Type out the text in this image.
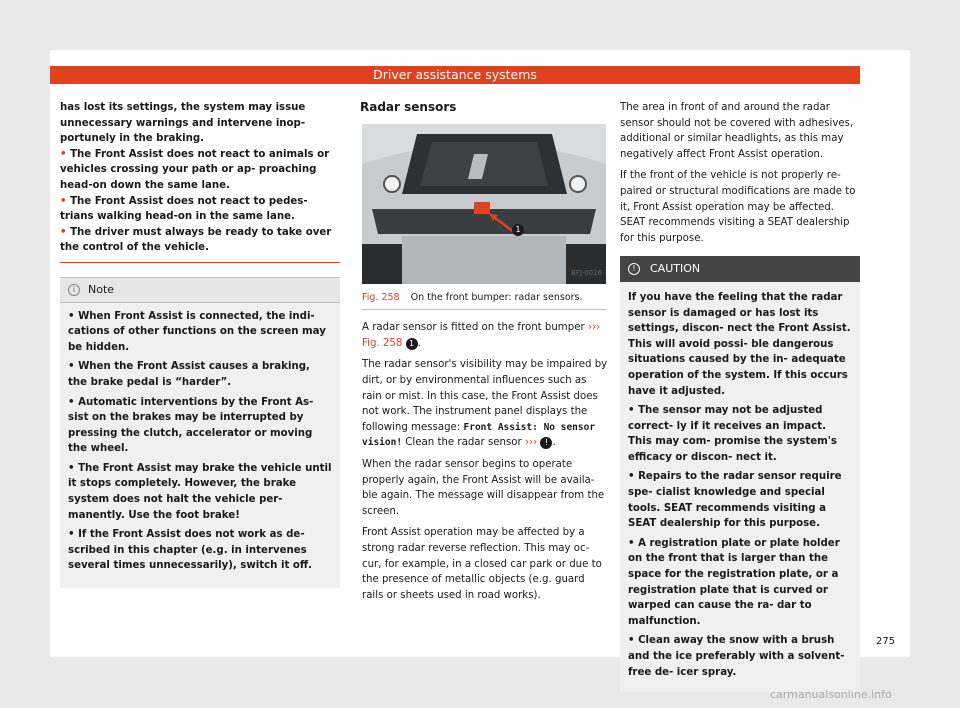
Driver assistance systems

has lost its settings, the system may issue unnecessary warnings and intervene inop- portunely in the braking.

• The Front Assist does not react to animals or vehicles crossing your path or ap- proaching head-on down the same lane.

• The Front Assist does not react to pedes- trians walking head-on in the same lane.

• The driver must always be ready to take over the control of the vehicle.

i	Note

• When Front Assist is connected, the indi- cations of other functions on the screen may be hidden.

• When the Front Assist causes a braking, the brake pedal is “harder”.

• Automatic interventions by the Front As- sist on the brakes may be interrupted by pressing the clutch, accelerator or moving the wheel.

• The Front Assist may brake the vehicle until it stops completely. However, the brake system does not halt the vehicle per- manently. Use the foot brake!

• If the Front Assist does not work as de- scribed in this chapter (e.g. in intervenes several times unnecessarily), switch it off.

Radar sensors
BFJ-0026
1
Fig. 258 On the front bumper: radar sensors.

A radar sensor is fitted on the front bumper ››› Fig. 258 1 .

The radar sensor's visibility may be impaired by dirt, or by environmental influences such as rain or mist. In this case, the Front Assist does not work. The instrument panel displays the following message: Front Assist: No sensor vision! Clean the radar sensor ››› ! .

When the radar sensor begins to operate properly again, the Front Assist will be availa- ble again. The message will disappear from the screen.

Front Assist operation may be affected by a strong radar reverse reflection. This may oc- cur, for example, in a closed car park or due to the presence of metallic objects (e.g. guard rails or sheets used in road works).

The area in front of and around the radar sensor should not be covered with adhesives, additional or similar headlights, as this may negatively affect Front Assist operation.

If the front of the vehicle is not properly re- paired or structural modifications are made to it, Front Assist operation may be affected. SEAT recommends visiting a SEAT dealership for this purpose.

!	CAUTION

If you have the feeling that the radar sensor is damaged or has lost its settings, discon- nect the Front Assist. This will avoid possi- ble dangerous situations caused by the in- adequate operation of the system. If this occurs have it adjusted.

• The sensor may not be adjusted correct- ly if it receives an impact. This may com- promise the system's efficacy or discon- nect it.

• Repairs to the radar sensor require spe- cialist knowledge and special tools. SEAT recommends visiting a SEAT dealership for this purpose.

• A registration plate or plate holder on the front that is larger than the space for the registration plate, or a registration plate that is curved or warped can cause the ra- dar to malfunction.

• Clean away the snow with a brush and the ice preferably with a solvent-free de- icer spray.

275
carmanualsonline.info
